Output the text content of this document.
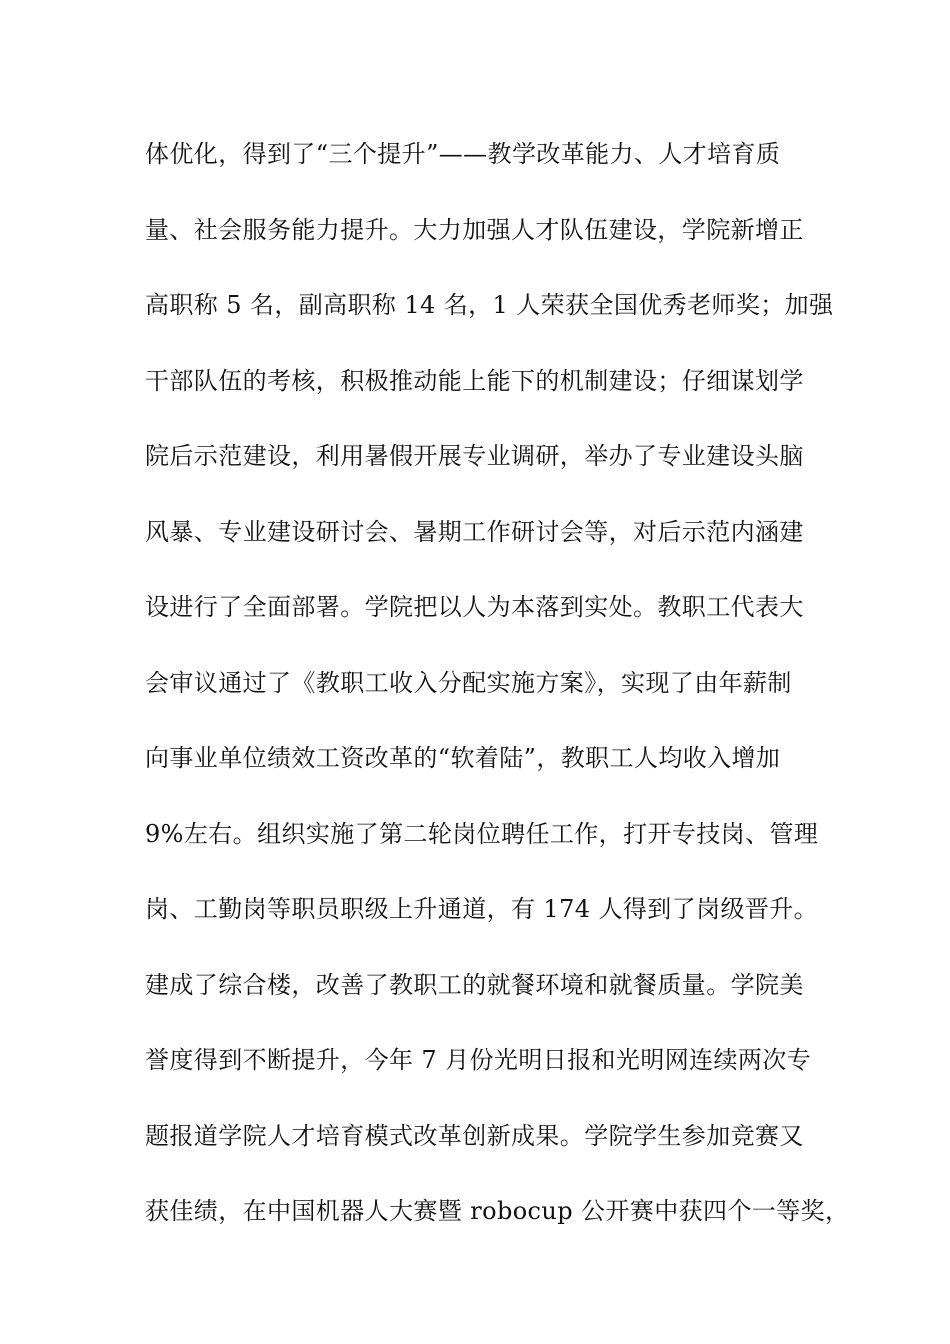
体优化，得到了“三个提升”——教学改革能力、人才培育质
量、社会服务能力提升。大力加强人才队伍建设，学院新增正
高职称 5 名，副高职称 14 名，1 人荣获全国优秀老师奖；加强
干部队伍的考核，积极推动能上能下的机制建设；仔细谋划学
院后示范建设，利用暑假开展专业调研，举办了专业建设头脑
风暴、专业建设研讨会、暑期工作研讨会等，对后示范内涵建
设进行了全面部署。学院把以人为本落到实处。教职工代表大
会审议通过了《教职工收入分配实施方案》，实现了由年薪制
向事业单位绩效工资改革的“软着陆”，教职工人均收入增加
9%左右。组织实施了第二轮岗位聘任工作，打开专技岗、管理
岗、工勤岗等职员职级上升通道，有 174 人得到了岗级晋升。
建成了综合楼，改善了教职工的就餐环境和就餐质量。学院美
誉度得到不断提升，今年 7 月份光明日报和光明网连续两次专
题报道学院人才培育模式改革创新成果。学院学生参加竞赛又
获佳绩，在中国机器人大赛暨 robocup 公开赛中获四个一等奖，
